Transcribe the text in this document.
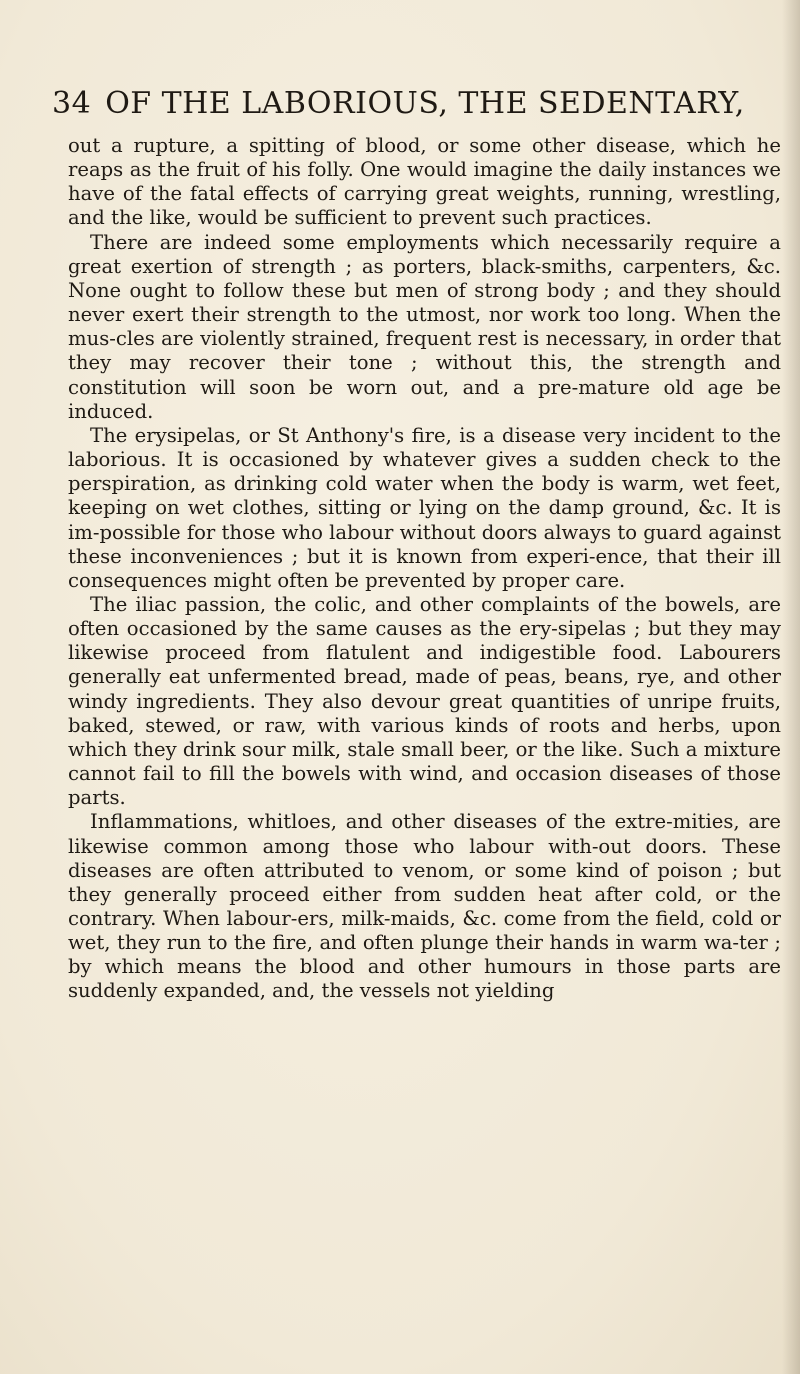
34 OF THE LABORIOUS, THE SEDENTARY,

out a rupture, a spitting of blood, or some other disease, which he reaps as the fruit of his folly. One would imagine the daily instances we have of the fatal effects of carrying great weights, running, wrestling, and the like, would be sufficient to prevent such practices.

There are indeed some employments which necessarily require a great exertion of strength ; as porters, black-smiths, carpenters, &c. None ought to follow these but men of strong body ; and they should never exert their strength to the utmost, nor work too long. When the mus-cles are violently strained, frequent rest is necessary, in order that they may recover their tone ; without this, the strength and constitution will soon be worn out, and a pre-mature old age be induced.

The erysipelas, or St Anthony's fire, is a disease very incident to the laborious. It is occasioned by whatever gives a sudden check to the perspiration, as drinking cold water when the body is warm, wet feet, keeping on wet clothes, sitting or lying on the damp ground, &c. It is im-possible for those who labour without doors always to guard against these inconveniences ; but it is known from experi-ence, that their ill consequences might often be prevented by proper care.

The iliac passion, the colic, and other complaints of the bowels, are often occasioned by the same causes as the ery-sipelas ; but they may likewise proceed from flatulent and indigestible food. Labourers generally eat unfermented bread, made of peas, beans, rye, and other windy ingredients. They also devour great quantities of unripe fruits, baked, stewed, or raw, with various kinds of roots and herbs, upon which they drink sour milk, stale small beer, or the like. Such a mixture cannot fail to fill the bowels with wind, and occasion diseases of those parts.

Inflammations, whitloes, and other diseases of the extre-mities, are likewise common among those who labour with-out doors. These diseases are often attributed to venom, or some kind of poison ; but they generally proceed either from sudden heat after cold, or the contrary. When labour-ers, milk-maids, &c. come from the field, cold or wet, they run to the fire, and often plunge their hands in warm wa-ter ; by which means the blood and other humours in those parts are suddenly expanded, and, the vessels not yielding
